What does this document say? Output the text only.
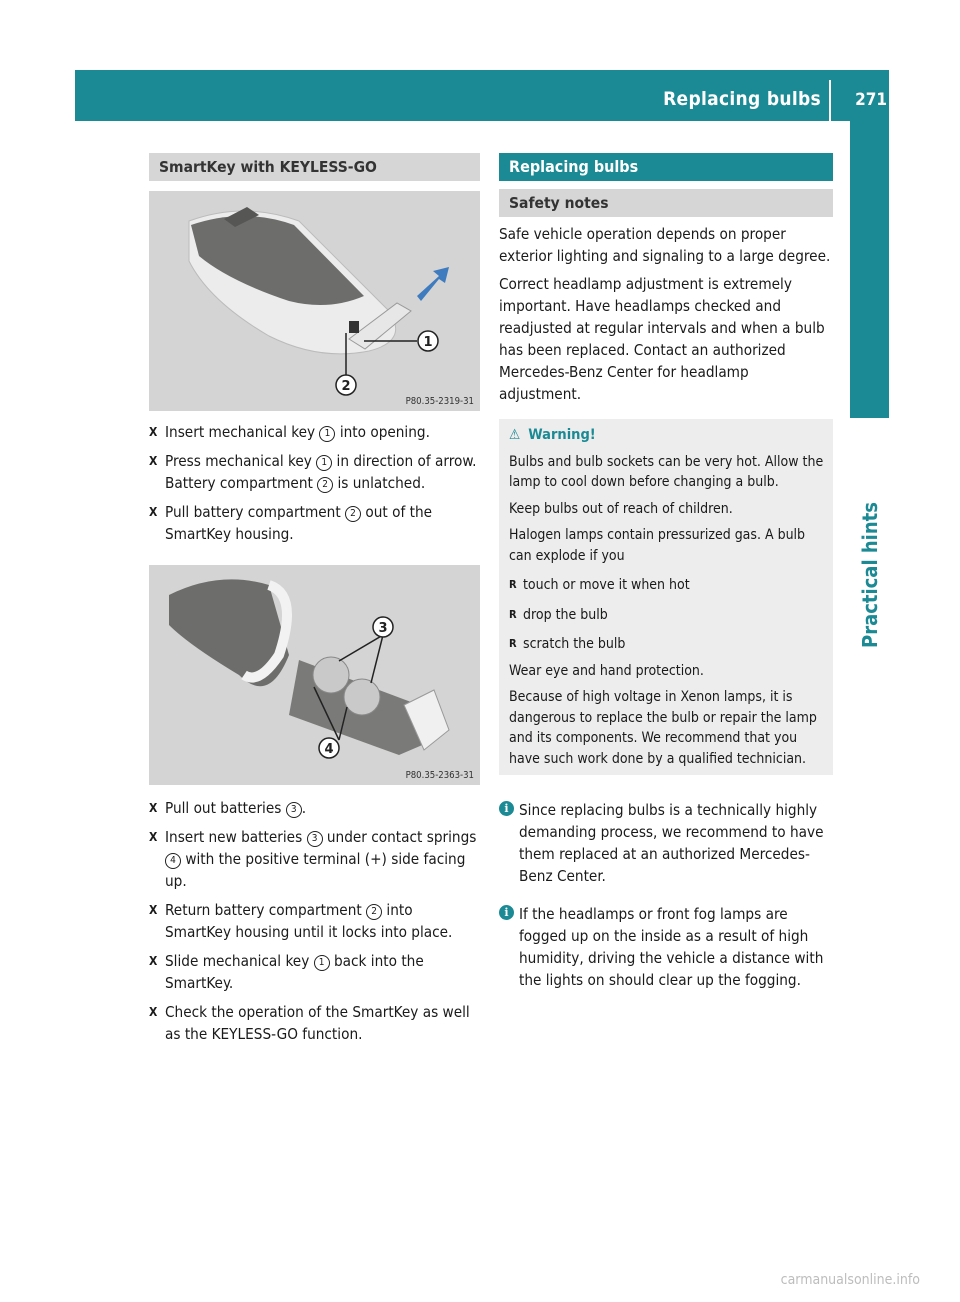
Replacing bulbs 271
Practical hints
SmartKey with KEYLESS-GO
1
2
P80.35-2319-31
X Insert mechanical key 1 into opening.
X Press mechanical key 1 in direction of arrow.
Battery compartment 2 is unlatched.
X Pull battery compartment 2 out of the SmartKey housing.
3
4
P80.35-2363-31
X Pull out batteries 3 .
X Insert new batteries 3 under contact springs 4 with the positive terminal (+) side facing up.
X Return battery compartment 2 into SmartKey housing until it locks into place.
X Slide mechanical key 1 back into the SmartKey.
X Check the operation of the SmartKey as well as the KEYLESS-GO function.
Replacing bulbs
Safety notes
Safe vehicle operation depends on proper exterior lighting and signaling to a large degree.
Correct headlamp adjustment is extremely important. Have headlamps checked and readjusted at regular intervals and when a bulb has been replaced. Contact an authorized Mercedes-Benz Center for headlamp adjustment.
⚠ Warning!

Bulbs and bulb sockets can be very hot. Allow the lamp to cool down before changing a bulb.

Keep bulbs out of reach of children.

Halogen lamps contain pressurized gas. A bulb can explode if you

R touch or move it when hot
R drop the bulb
R scratch the bulb

Wear eye and hand protection.

Because of high voltage in Xenon lamps, it is dangerous to replace the bulb or repair the lamp and its components. We recommend that you have such work done by a qualified technician.

i Since replacing bulbs is a technically highly demanding process, we recommend to have them replaced at an authorized Mercedes-Benz Center.
i If the headlamps or front fog lamps are fogged up on the inside as a result of high humidity, driving the vehicle a distance with the lights on should clear up the fogging.
carmanualsonline.info
